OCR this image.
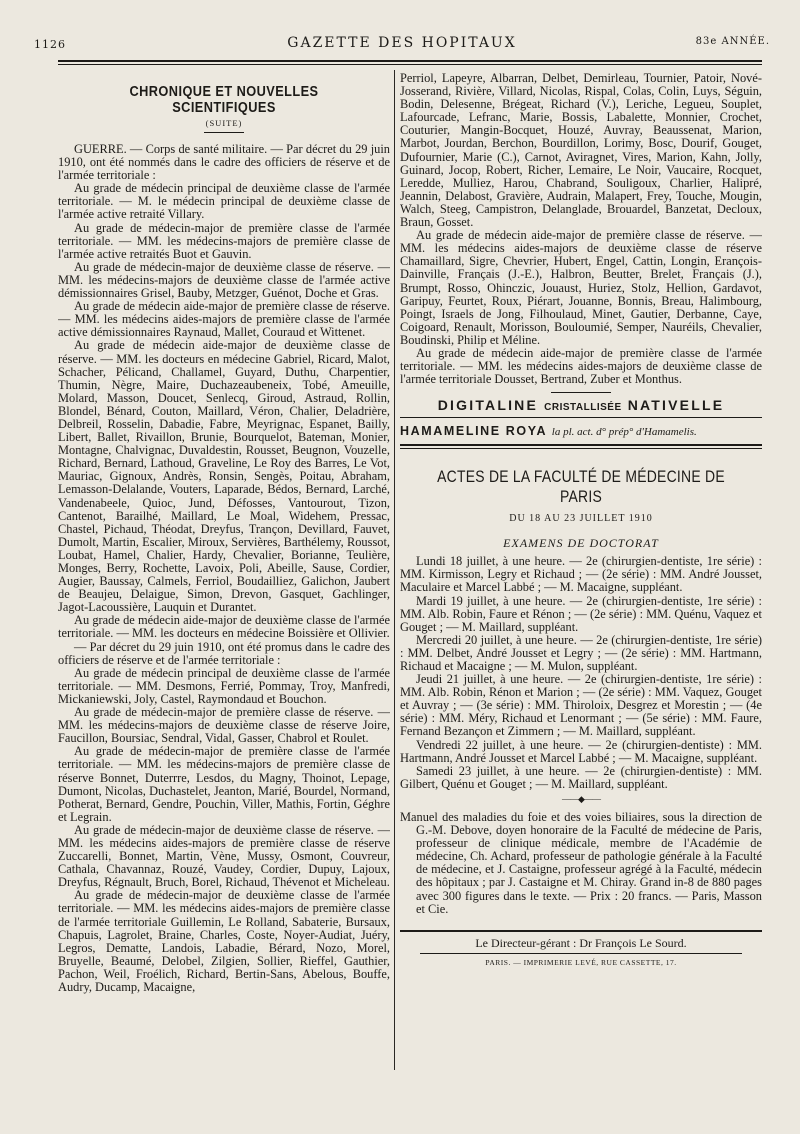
1126	GAZETTE DES HOPITAUX	83e ANNÉE.
CHRONIQUE ET NOUVELLES SCIENTIFIQUES
(SUITE)

GUERRE. — Corps de santé militaire. — Par décret du 29 juin 1910, ont été nommés dans le cadre des officiers de réserve et de l'armée territoriale :

Au grade de médecin principal de deuxième classe de l'armée territoriale. — M. le médecin principal de deuxième classe de l'armée active retraité Villary.

Au grade de médecin-major de première classe de l'armée territoriale. — MM. les médecins-majors de première classe de l'armée active retraités Buot et Gauvin.

Au grade de médecin-major de deuxième classe de réserve. — MM. les médecins-majors de deuxième classe de l'armée active démissionnaires Grisel, Bauby, Metzger, Guénot, Doche et Gras.

Au grade de médecin aide-major de première classe de réserve. — MM. les médecins aides-majors de première classe de l'armée active démissionnaires Raynaud, Mallet, Couraud et Wittenet.

Au grade de médecin aide-major de deuxième classe de réserve. — MM. les docteurs en médecine Gabriel, Ricard, Malot, Schacher, Pélicand, Challamel, Guyard, Duthu, Charpentier, Thumin, Nègre, Maire, Duchazeaubeneix, Tobé, Ameuille, Molard, Masson, Doucet, Senlecq, Giroud, Astraud, Rollin, Blondel, Bénard, Couton, Maillard, Véron, Chalier, Deladrière, Delbreil, Rosselin, Dabadie, Fabre, Meyrignac, Espanet, Bailly, Libert, Ballet, Rivaillon, Brunie, Bourquelot, Bateman, Monier, Montagne, Chalvignac, Duvaldestin, Rousset, Beugnon, Vouzelle, Richard, Bernard, Lathoud, Graveline, Le Roy des Barres, Le Vot, Mauriac, Gignoux, Andrès, Ronsin, Sengès, Poitau, Abraham, Lemasson-Delalande, Vouters, Laparade, Bédos, Bernard, Larché, Vandenabeele, Quioc, Jund, Défosses, Vantourout, Tizon, Cantenot, Barailhé, Maillard, Le Moal, Widehem, Pressac, Chastel, Pichaud, Théodat, Dreyfus, Trançon, Devillard, Fauvet, Dumolt, Martin, Escalier, Miroux, Servières, Barthélemy, Roussot, Loubat, Hamel, Chalier, Hardy, Chevalier, Borianne, Teulière, Monges, Berry, Rochette, Lavoix, Poli, Abeille, Sause, Cordier, Augier, Baussay, Calmels, Ferriol, Boudailliez, Galichon, Jaubert de Beaujeu, Delaigue, Simon, Drevon, Gasquet, Gachlinger, Jagot-Lacoussière, Lauquin et Durantet.

Au grade de médecin aide-major de deuxième classe de l'armée territoriale. — MM. les docteurs en médecine Boissière et Ollivier.

— Par décret du 29 juin 1910, ont été promus dans le cadre des officiers de réserve et de l'armée territoriale :

Au grade de médecin principal de deuxième classe de l'armée territoriale. — MM. Desmons, Ferrié, Pommay, Troy, Manfredi, Mickaniewski, Joly, Castel, Raymondaud et Bouchon.

Au grade de médecin-major de première classe de réserve. — MM. les médecins-majors de deuxième classe de réserve Joire, Faucillon, Boursiac, Sendral, Vidal, Gasser, Chabrol et Roulet.

Au grade de médecin-major de première classe de l'armée territoriale. — MM. les médecins-majors de première classe de réserve Bonnet, Duterrre, Lesdos, du Magny, Thoinot, Lepage, Dumont, Nicolas, Duchastelet, Jeanton, Marié, Bourdel, Normand, Potherat, Bernard, Gendre, Pouchin, Viller, Mathis, Fortin, Géghre et Legrain.

Au grade de médecin-major de deuxième classe de réserve. — MM. les médecins aides-majors de première classe de réserve Zuccarelli, Bonnet, Martin, Vène, Mussy, Osmont, Couvreur, Cathala, Chavannaz, Rouzé, Vaudey, Cordier, Dupuy, Lajoux, Dreyfus, Régnault, Bruch, Borel, Richaud, Thévenot et Micheleau.

Au grade de médecin-major de deuxième classe de l'armée territoriale. — MM. les médecins aides-majors de première classe de l'armée territoriale Guillemin, Le Rolland, Sabaterie, Bursaux, Chapuis, Lagrolet, Braine, Charles, Coste, Noyer-Audiat, Juéry, Legros, Dematte, Landois, Labadie, Bérard, Nozo, Morel, Bruyelle, Beaumé, Delobel, Zilgien, Sollier, Rieffel, Gauthier, Pachon, Weil, Froélich, Richard, Bertin-Sans, Abelous, Bouffe, Audry, Ducamp, Macaigne,

Perriol, Lapeyre, Albarran, Delbet, Demirleau, Tournier, Patoir, Nové-Josserand, Rivière, Villard, Nicolas, Rispal, Colas, Colin, Luys, Séguin, Bodin, Delesenne, Brégeat, Richard (V.), Leriche, Legueu, Souplet, Lafourcade, Lefranc, Marie, Bossis, Labalette, Monnier, Crochet, Couturier, Mangin-Bocquet, Houzé, Auvray, Beaussenat, Marion, Marbot, Jourdan, Berchon, Bourdillon, Lorimy, Bosc, Dourif, Gouget, Dufournier, Marie (C.), Carnot, Aviragnet, Vires, Marion, Kahn, Jolly, Guinard, Jocop, Robert, Richer, Lemaire, Le Noir, Vaucaire, Rocquet, Leredde, Mulliez, Harou, Chabrand, Souligoux, Charlier, Halipré, Jeannin, Delabost, Gravière, Audrain, Malapert, Frey, Touche, Mougin, Walch, Steeg, Campistron, Delanglade, Brouardel, Banzetat, Decloux, Braun, Gosset.

Au grade de médecin aide-major de première classe de réserve. — MM. les médecins aides-majors de deuxième classe de réserve Chamaillard, Sigre, Chevrier, Hubert, Engel, Cattin, Longin, Erançois-Dainville, Français (J.-E.), Halbron, Beutter, Brelet, Français (J.), Brumpt, Rosso, Ohinczic, Jouaust, Huriez, Stolz, Hellion, Gardavot, Garipuy, Feurtet, Roux, Piérart, Jouanne, Bonnis, Breau, Halimbourg, Poingt, Israels de Jong, Filhoulaud, Minet, Gautier, Derbanne, Caye, Coigoard, Renault, Morisson, Bouloumié, Semper, Nauréils, Chevalier, Boudinski, Philip et Méline.

Au grade de médecin aide-major de première classe de l'armée territoriale. — MM. les médecins aides-majors de deuxième classe de l'armée territoriale Dousset, Bertrand, Zuber et Monthus.

DIGITALINE CRISTALLISÉE NATIVELLE
HAMAMELINE ROYA la pl. act. d° prép° d'Hamamelis.
ACTES DE LA FACULTÉ DE MÉDECINE DE PARIS
DU 18 AU 23 JUILLET 1910
EXAMENS DE DOCTORAT

Lundi 18 juillet, à une heure. — 2e (chirurgien-dentiste, 1re série) : MM. Kirmisson, Legry et Richaud ; — (2e série) : MM. André Jousset, Maculaire et Marcel Labbé ; — M. Macaigne, suppléant.

Mardi 19 juillet, à une heure. — 2e (chirurgien-dentiste, 1re série) : MM. Alb. Robin, Faure et Rénon ; — (2e série) : MM. Quénu, Vaquez et Gouget ; — M. Maillard, suppléant.

Mercredi 20 juillet, à une heure. — 2e (chirurgien-dentiste, 1re série) : MM. Delbet, André Jousset et Legry ; — (2e série) : MM. Hartmann, Richaud et Macaigne ; — M. Mulon, suppléant.

Jeudi 21 juillet, à une heure. — 2e (chirurgien-dentiste, 1re série) : MM. Alb. Robin, Rénon et Marion ; — (2e série) : MM. Vaquez, Gouget et Auvray ; — (3e série) : MM. Thiroloix, Desgrez et Morestin ; — (4e série) : MM. Méry, Richaud et Lenormant ; — (5e série) : MM. Faure, Fernand Bezançon et Zimmern ; — M. Maillard, suppléant.

Vendredi 22 juillet, à une heure. — 2e (chirurgien-dentiste) : MM. Hartmann, André Jousset et Marcel Labbé ; — M. Macaigne, suppléant.

Samedi 23 juillet, à une heure. — 2e (chirurgien-dentiste) : MM. Gilbert, Quénu et Gouget ; — M. Maillard, suppléant.

——◆——

Manuel des maladies du foie et des voies biliaires, sous la direction de G.-M. Debove, doyen honoraire de la Faculté de médecine de Paris, professeur de clinique médicale, membre de l'Académie de médecine, Ch. Achard, professeur de pathologie générale à la Faculté de médecine, et J. Castaigne, professeur agrégé à la Faculté, médecin des hôpitaux ; par J. Castaigne et M. Chiray. Grand in-8 de 880 pages avec 300 figures dans le texte. — Prix : 20 francs. — Paris, Masson et Cie.

Le Directeur-gérant : Dr François Le Sourd.
PARIS. — IMPRIMERIE LEVÉ, RUE CASSETTE, 17.
